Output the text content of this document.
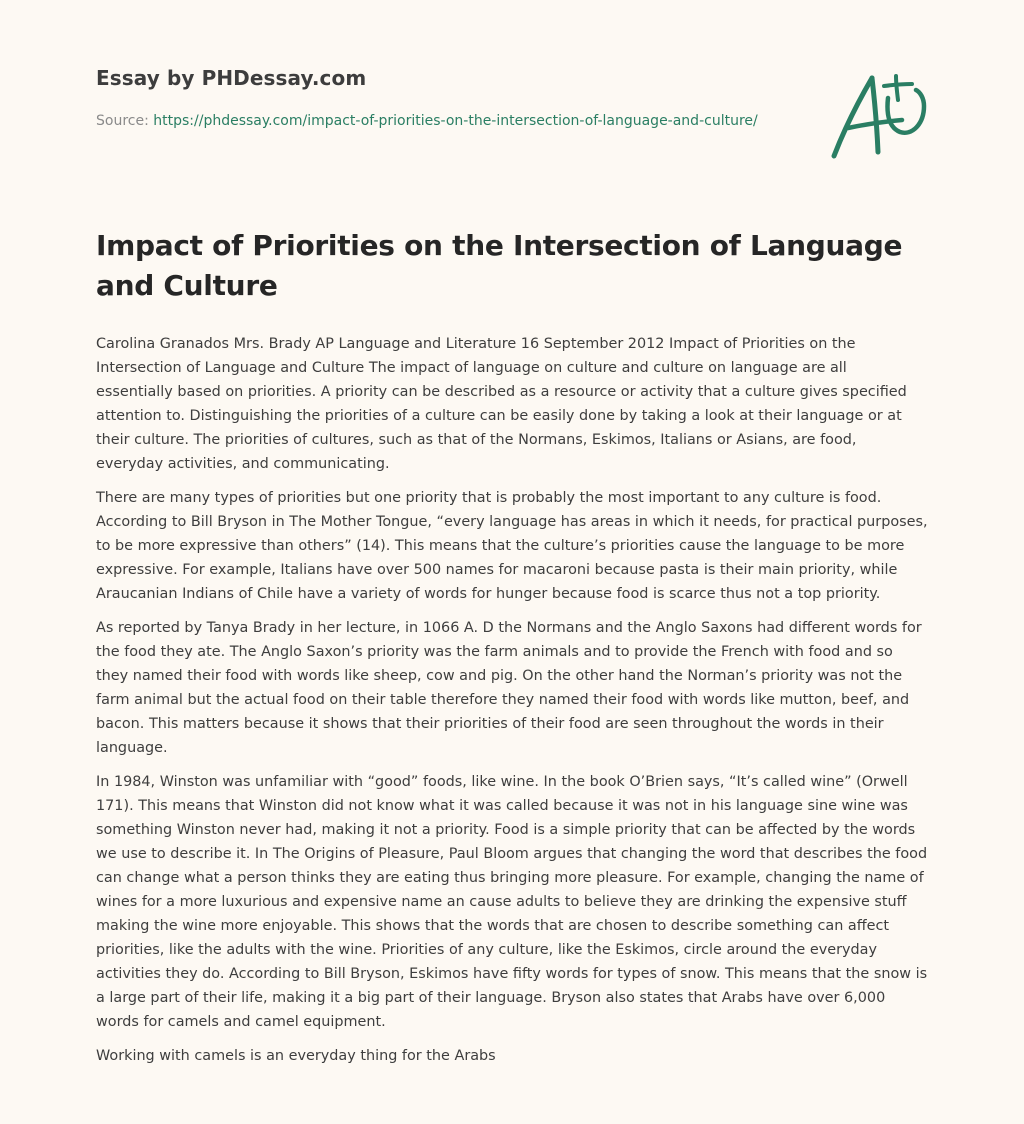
Essay by PHDessay.com
Source: https://phdessay.com/impact-of-priorities-on-the-intersection-of-language-and-culture/
Impact of Priorities on the Intersection of Language and Culture

Carolina Granados Mrs. Brady AP Language and Literature 16 September 2012 Impact of Priorities on the Intersection of Language and Culture The impact of language on culture and culture on language are all essentially based on priorities. A priority can be described as a resource or activity that a culture gives specified attention to. Distinguishing the priorities of a culture can be easily done by taking a look at their language or at their culture. The priorities of cultures, such as that of the Normans, Eskimos, Italians or Asians, are food, everyday activities, and communicating.

There are many types of priorities but one priority that is probably the most important to any culture is food. According to Bill Bryson in The Mother Tongue, “every language has areas in which it needs, for practical purposes, to be more expressive than others” (14). This means that the culture’s priorities cause the language to be more expressive. For example, Italians have over 500 names for macaroni because pasta is their main priority, while Araucanian Indians of Chile have a variety of words for hunger because food is scarce thus not a top priority.

As reported by Tanya Brady in her lecture, in 1066 A. D the Normans and the Anglo Saxons had different words for the food they ate. The Anglo Saxon’s priority was the farm animals and to provide the French with food and so they named their food with words like sheep, cow and pig. On the other hand the Norman’s priority was not the farm animal but the actual food on their table therefore they named their food with words like mutton, beef, and bacon. This matters because it shows that their priorities of their food are seen throughout the words in their language.

In 1984, Winston was unfamiliar with “good” foods, like wine. In the book O’Brien says, “It’s called wine” (Orwell 171). This means that Winston did not know what it was called because it was not in his language sine wine was something Winston never had, making it not a priority. Food is a simple priority that can be affected by the words we use to describe it. In The Origins of Pleasure, Paul Bloom argues that changing the word that describes the food can change what a person thinks they are eating thus bringing more pleasure. For example, changing the name of wines for a more luxurious and expensive name an cause adults to believe they are drinking the expensive stuff making the wine more enjoyable. This shows that the words that are chosen to describe something can affect priorities, like the adults with the wine. Priorities of any culture, like the Eskimos, circle around the everyday activities they do. According to Bill Bryson, Eskimos have fifty words for types of snow. This means that the snow is a large part of their life, making it a big part of their language. Bryson also states that Arabs have over 6,000 words for camels and camel equipment.

Working with camels is an everyday thing for the Arabs
